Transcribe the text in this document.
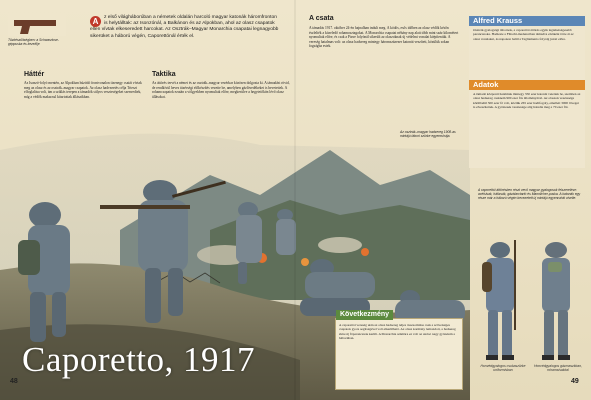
A	z első világháborúban a németek oldalán harcoló magyar katonák háromfronton is helytálltak: az Isonzónál, a Balkánon és az Alpokban, ahol az olasz csapatok ellen vívtak elkeseredett harcokat. Az Osztrák–Magyar Monarchia csapatai legnagyobb sikerüket a háború végén, Caporettónál érték el.
Tűzkészültségben: a Schwarzlose-géppuska és kezelője
Háttér
Az Isonzó-folyó mentén, az Alpokban húzódó frontvonalon tizenegy csatát vívtak meg az olasz és az osztrák–magyar csapatok. Az olasz hadvezetés célja Trieszt elfoglalása volt, ám a sziklás terepen a támadók súlyos veszteségeket szenvedtek, míg a védők makacsul kitartottak állásaikban.
Taktika
Az áttörés tervét a német és az osztrák–magyar vezérkar közösen dolgozta ki. A támadást rövid, de rendkívül heves tüzérségi előkészítés vezette be, amelyben gázlövedékeket is bevetettek. A rohamcsapatok ezután a völgyekben nyomultak előre, megkerülve a hegytetőkön lévő olasz állásokat.
A csata
A támadás 1917. október 24-én hajnalban indult meg. A ködös, esős időben az olasz védők későn észlelték a közeledő rohamosztagokat. A Monarchia csapatai néhány nap alatt több mint száz kilométert nyomultak előre, és csak a Piave folyónál sikerült az olaszoknak új védelmi vonalat kiépíteniük. A vereség hatalmas volt: az olasz hadsereg mintegy háromszázezer katonát veszített, közülük sokan fogságba estek.
Az osztrák–magyar hadsereg 1908-as mintájú tábori szürke egyenruhája.
Alfred Krauss
Osztrák gyalogsági tábornok, a caporettói áttörés egyik legtehetségesebb parancsnoka. Hadteste a Flitschi-medencében támadva elsőként törte át az olasz vonalakat, és napokon belül a Tagliamento folyóig jutott előre.
Adatok
A támadó központi hatalmak mintegy 350 ezer katonát vetettek be, szemben az olasz hadsereg csaknem 900 ezer fős állományával. Az olaszok vesztesége körülbelül 300 ezer fő volt, köztük 265 ezer hadifogoly, emellett 3000 löveget is elveszítettek. A győztesek vesztesége alig haladta meg a 70 ezer főt.
A caporettói áttörésben részt vevő magyar gyalogosok felszerelése: acélsisak, hátizsák, gázálarctartó és Mannlicher-puska. A katonák egy része már a háború végén bevezetett új mintájú egyenruhát viselte.
Következmény
A caporettói vereség után az olasz hadsereg teljes összeomlása csak a szövetséges csapatok gyors segítségével volt elkerülhető. Az olasz kormány lemondott, a hadsereg élére új főparancsnok került. A Monarchia számára ez volt az utolsó nagy győzelem a háborúban.
Honvédgyalogos csukaszürke
uniformisban
Honvédgyalogos gázmaszkban,
rohamsisakkal
Caporetto, 1917
48	49
